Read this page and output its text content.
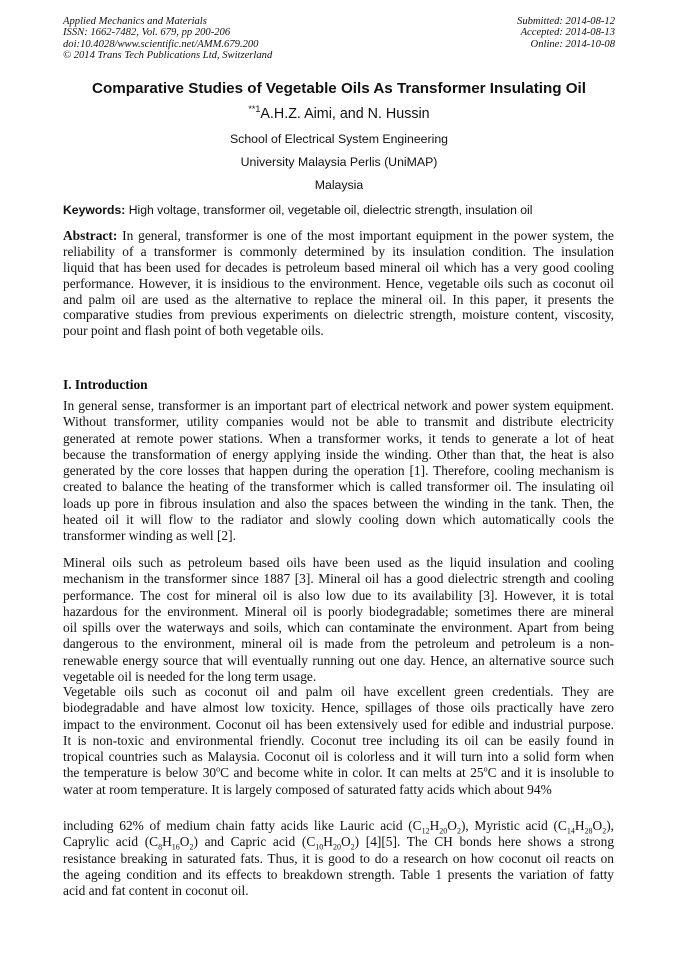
Applied Mechanics and Materials
ISSN: 1662-7482, Vol. 679, pp 200-206
doi:10.4028/www.scientific.net/AMM.679.200
© 2014 Trans Tech Publications Ltd, Switzerland
Submitted: 2014-08-12
Accepted: 2014-08-13
Online: 2014-10-08
Comparative Studies of Vegetable Oils As Transformer Insulating Oil
$^{**1}$A.H.Z. Aimi, and N. Hussin
School of Electrical System Engineering
University Malaysia Perlis (UniMAP)
Malaysia
Keywords: High voltage, transformer oil, vegetable oil, dielectric strength, insulation oil
Abstract: In general, transformer is one of the most important equipment in the power system, the
reliability of a transformer is commonly determined by its insulation condition. The insulation
liquid that has been used for decades is petroleum based mineral oil which has a very good cooling
performance. However, it is insidious to the environment. Hence, vegetable oils such as coconut oil
and palm oil are used as the alternative to replace the mineral oil. In this paper, it presents the
comparative studies from previous experiments on dielectric strength, moisture content, viscosity,
pour point and flash point of both vegetable oils.
I. Introduction
In general sense, transformer is an important part of electrical network and power system equipment.
Without transformer, utility companies would not be able to transmit and distribute electricity
generated at remote power stations. When a transformer works, it tends to generate a lot of heat
because the transformation of energy applying inside the winding. Other than that, the heat is also
generated by the core losses that happen during the operation [1]. Therefore, cooling mechanism is
created to balance the heating of the transformer which is called transformer oil. The insulating oil
loads up pore in fibrous insulation and also the spaces between the winding in the tank. Then, the
heated oil it will flow to the radiator and slowly cooling down which automatically cools the
transformer winding as well [2].
Mineral oils such as petroleum based oils have been used as the liquid insulation and cooling
mechanism in the transformer since 1887 [3]. Mineral oil has a good dielectric strength and cooling
performance. The cost for mineral oil is also low due to its availability [3]. However, it is total
hazardous for the environment. Mineral oil is poorly biodegradable; sometimes there are mineral
oil spills over the waterways and soils, which can contaminate the environment. Apart from being
dangerous to the environment, mineral oil is made from the petroleum and petroleum is a non-
renewable energy source that will eventually running out one day. Hence, an alternative source such
vegetable oil is needed for the long term usage.
Vegetable oils such as coconut oil and palm oil have excellent green credentials. They are
biodegradable and have almost low toxicity. Hence, spillages of those oils practically have zero
impact to the environment. Coconut oil has been extensively used for edible and industrial purpose.
It is non-toxic and environmental friendly. Coconut tree including its oil can be easily found in
tropical countries such as Malaysia. Coconut oil is colorless and it will turn into a solid form when
the temperature is below 30$^o$C and become white in color. It can melts at 25$^o$C and it is insoluble to
water at room temperature. It is largely composed of saturated fatty acids which about 94%
including 62% of medium chain fatty acids like Lauric acid $(C_{12}H_{20}O_2)$, Myristic acid $(C_{14}H_{28}O_2)$,
Caprylic acid $(C_8H_{16}O_2)$ and Capric acid $(C_{10}H_{20}O_2)$ [4][5]. The CH bonds here shows a strong
resistance breaking in saturated fats. Thus, it is good to do a research on how coconut oil reacts on
the ageing condition and its effects to breakdown strength. Table 1 presents the variation of fatty
acid and fat content in coconut oil.
